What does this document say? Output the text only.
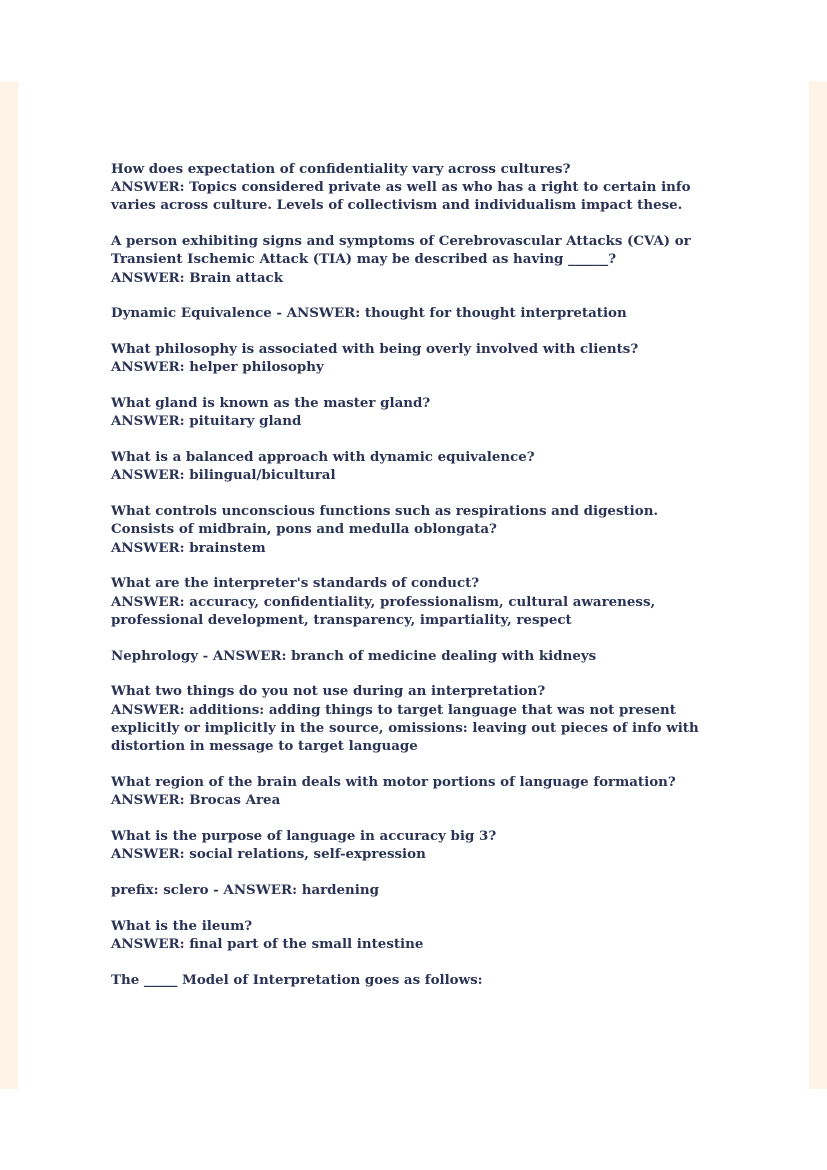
How does expectation of confidentiality vary across cultures?
ANSWER: Topics considered private as well as who has a right to certain info varies across culture. Levels of collectivism and individualism impact these.
A person exhibiting signs and symptoms of Cerebrovascular Attacks (CVA) or Transient Ischemic Attack (TIA) may be described as having ______?
ANSWER: Brain attack
Dynamic Equivalence - ANSWER: thought for thought interpretation
What philosophy is associated with being overly involved with clients?
ANSWER: helper philosophy
What gland is known as the master gland?
ANSWER: pituitary gland
What is a balanced approach with dynamic equivalence?
ANSWER: bilingual/bicultural
What controls unconscious functions such as respirations and digestion. Consists of midbrain, pons and medulla oblongata?
ANSWER: brainstem
What are the interpreter's standards of conduct?
ANSWER: accuracy, confidentiality, professionalism, cultural awareness, professional development, transparency, impartiality, respect
Nephrology - ANSWER: branch of medicine dealing with kidneys
What two things do you not use during an interpretation?
ANSWER: additions: adding things to target language that was not present explicitly or implicitly in the source, omissions: leaving out pieces of info with distortion in message to target language
What region of the brain deals with motor portions of language formation?
ANSWER: Brocas Area
What is the purpose of language in accuracy big 3?
ANSWER: social relations, self-expression
prefix: sclero - ANSWER: hardening
What is the ileum?
ANSWER: final part of the small intestine
The _____ Model of Interpretation goes as follows:
